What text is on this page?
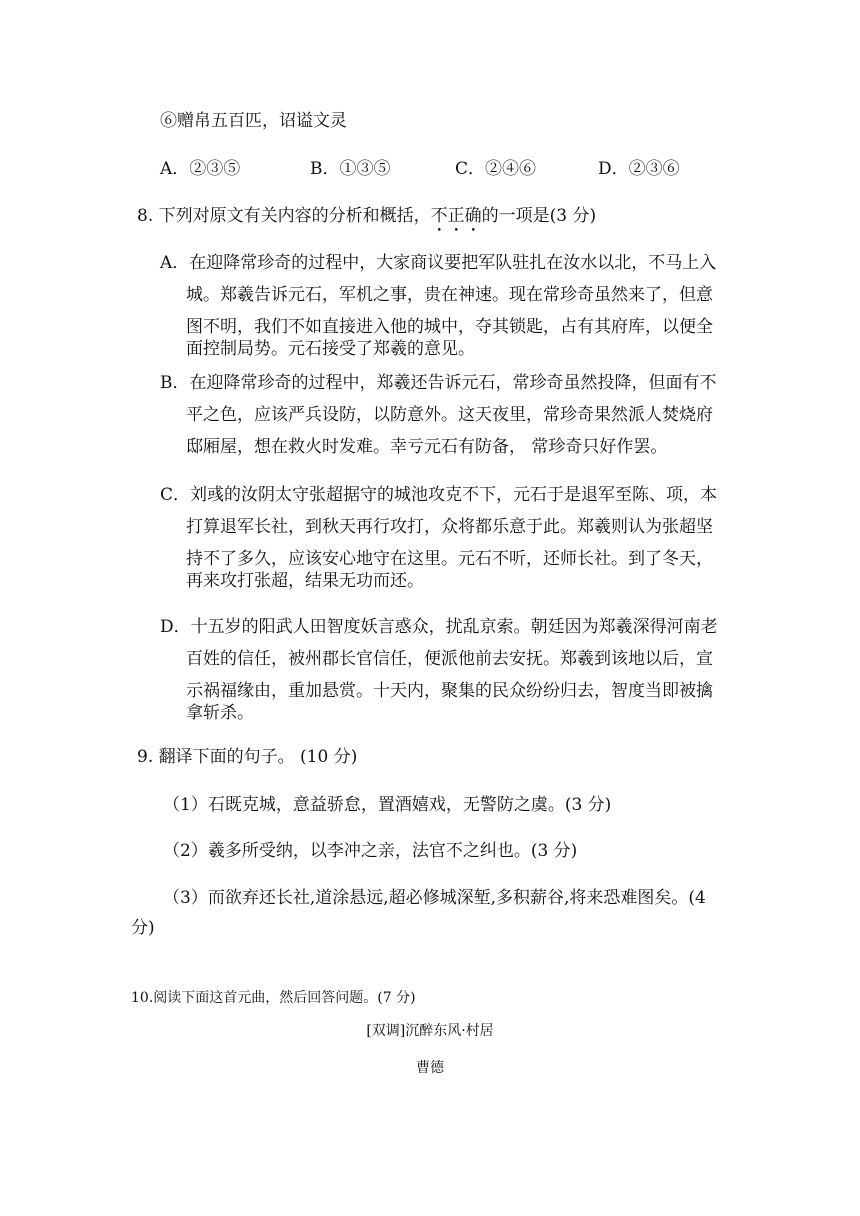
⑥赠帛五百匹，诏谥文灵
A．②③⑤	B．①③⑤	C．②④⑥	D．②③⑥
8. 下列对原文有关内容的分析和概括，不正确的一项是(3 分)
A．在迎降常珍奇的过程中，大家商议要把军队驻扎在汝水以北，不马上入
城。郑羲告诉元石，军机之事，贵在神速。现在常珍奇虽然来了，但意
图不明，我们不如直接进入他的城中，夺其锁匙，占有其府库，以便全
面控制局势。元石接受了郑羲的意见。
B．在迎降常珍奇的过程中，郑羲还告诉元石，常珍奇虽然投降，但面有不
平之色，应该严兵设防，以防意外。这天夜里，常珍奇果然派人焚烧府
邸厢屋，想在救火时发难。幸亏元石有防备， 常珍奇只好作罢。
C．刘彧的汝阴太守张超据守的城池攻克不下，元石于是退军至陈、项，本
打算退军长社，到秋天再行攻打，众将都乐意于此。郑羲则认为张超坚
持不了多久，应该安心地守在这里。元石不听，还师长社。到了冬天，
再来攻打张超，结果无功而还。
D．十五岁的阳武人田智度妖言惑众，扰乱京索。朝廷因为郑羲深得河南老
百姓的信任，被州郡长官信任，便派他前去安抚。郑羲到该地以后，宣
示祸福缘由，重加悬赏。十天内，聚集的民众纷纷归去，智度当即被擒
拿斩杀。
9. 翻译下面的句子。 (10 分)
（1）石既克城，意益骄怠，置酒嬉戏，无警防之虞。(3 分)
（2）羲多所受纳，以李冲之亲，法官不之纠也。(3 分)
（3）而欲弃还长社,道涂悬远,超必修城深堑,多积薪谷,将来恐难图矣。(4
分)
10.阅读下面这首元曲，然后回答问题。(7 分)
[双调]沉醉东风·村居
曹德
